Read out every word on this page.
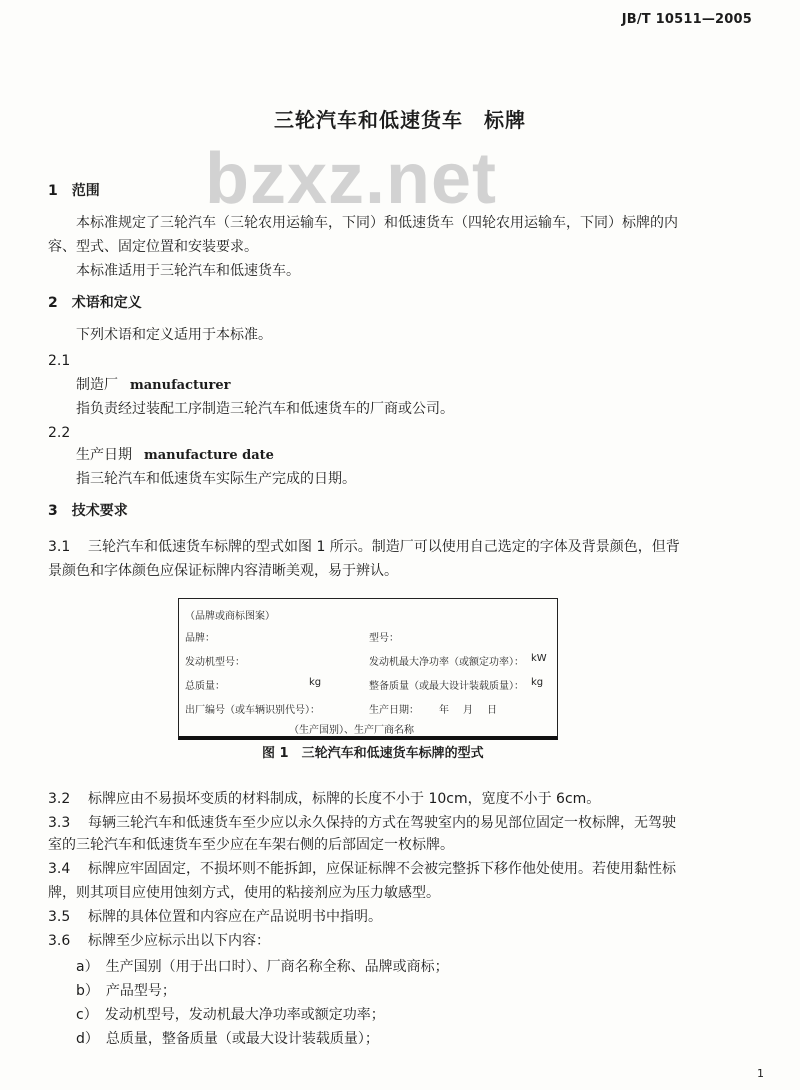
JB/T 10511—2005
三轮汽车和低速货车　标牌
bzxz.net
1　范围
本标准规定了三轮汽车（三轮农用运输车，下同）和低速货车（四轮农用运输车，下同）标牌的内
容、型式、固定位置和安装要求。
本标准适用于三轮汽车和低速货车。
2　术语和定义
下列术语和定义适用于本标准。
2.1
制造厂 manufacturer
指负责经过装配工序制造三轮汽车和低速货车的厂商或公司。
2.2
生产日期 manufacture date
指三轮汽车和低速货车实际生产完成的日期。
3　技术要求
3.1 三轮汽车和低速货车标牌的型式如图 1 所示。制造厂可以使用自己选定的字体及背景颜色，但背
景颜色和字体颜色应保证标牌内容清晰美观，易于辨认。
（品牌或商标图案）
品牌：	型号：
发动机型号：	发动机最大净功率（或额定功率）： kW
总质量：	kg	整备质量（或最大设计装载质量）： kg
出厂编号（或车辆识别代号）：	生产日期： 年 月 日
（生产国别）、生产厂商名称
图 1　三轮汽车和低速货车标牌的型式
3.2 标牌应由不易损坏变质的材料制成，标牌的长度不小于 10cm，宽度不小于 6cm。
3.3 每辆三轮汽车和低速货车至少应以永久保持的方式在驾驶室内的易见部位固定一枚标牌，无驾驶
室的三轮汽车和低速货车至少应在车架右侧的后部固定一枚标牌。
3.4 标牌应牢固固定，不损坏则不能拆卸，应保证标牌不会被完整拆下移作他处使用。若使用黏性标
牌，则其项目应使用蚀刻方式，使用的粘接剂应为压力敏感型。
3.5 标牌的具体位置和内容应在产品说明书中指明。
3.6 标牌至少应标示出以下内容：
a）　生产国别（用于出口时）、厂商名称全称、品牌或商标；
b）　产品型号；
c）　发动机型号，发动机最大净功率或额定功率；
d）　总质量，整备质量（或最大设计装载质量）；
1
